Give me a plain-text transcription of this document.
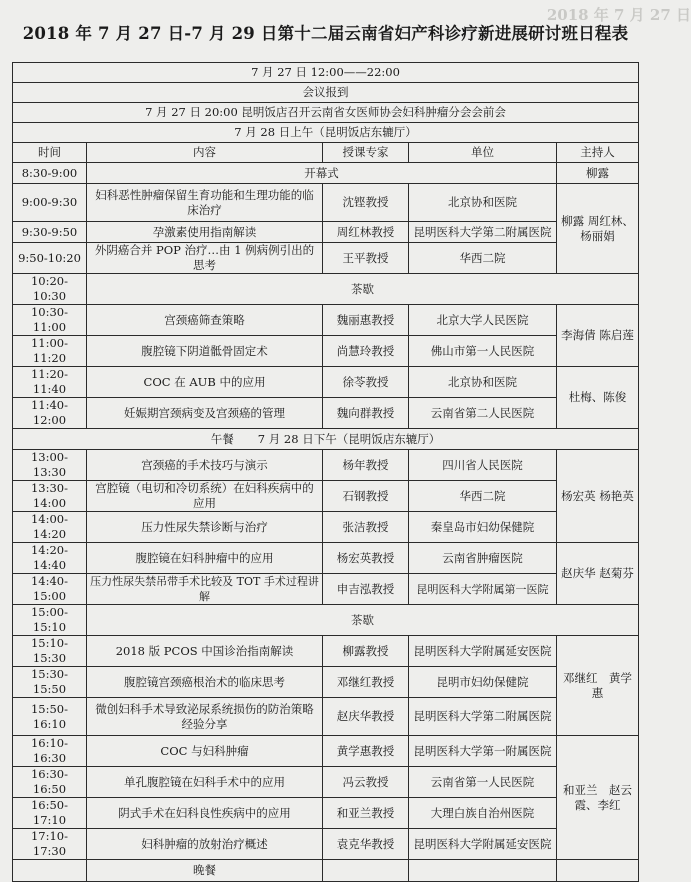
2018 年 7 月 27 日-7 月 29 日第十二届云南省妇产科诊疗新进展研讨班日程表
7 月 27 日 12:00——22:00				
会议报到				
7 月 27 日 20:00 昆明饭店召开云南省女医师协会妇科肿瘤分会会前会				
7 月 28 日上午（昆明饭店东辘厅）				
时间	内容	授课专家	单位	主持人
8:30-9:00	开幕式			柳露
9:00-9:30	妇科恶性肿瘤保留生育功能和生理功能的临床治疗	沈铿教授	北京协和医院	柳露 周红林、杨丽娟
9:30-9:50	孕激素使用指南解读	周红林教授	昆明医科大学第二附属医院	
9:50-10:20	外阴癌合并 POP 治疗…由 1 例病例引出的思考	王平教授	华西二院	
10:20-10:30	茶歇			
10:30-11:00	宫颈癌筛查策略	魏丽惠教授	北京大学人民医院	李海倩 陈启莲
11:00-11:20	腹腔镜下阴道骶骨固定术	尚慧玲教授	佛山市第一人民医院	
11:20-11:40	COC 在 AUB 中的应用	徐苓教授	北京协和医院	杜梅、陈俊
11:40-12:00	妊娠期宫颈病变及宫颈癌的管理	魏向群教授	云南省第二人民医院	
午餐 7 月 28 日下午（昆明饭店东辘厅）				
13:00-13:30	宫颈癌的手术技巧与演示	杨年教授	四川省人民医院	杨宏英 杨艳英
13:30-14:00	宫腔镜（电切和冷切系统）在妇科疾病中的应用	石钢教授	华西二院	
14:00-14:20	压力性尿失禁诊断与治疗	张洁教授	秦皇岛市妇幼保健院	
14:20-14:40	腹腔镜在妇科肿瘤中的应用	杨宏英教授	云南省肿瘤医院	赵庆华 赵菊芬
14:40-15:00	压力性尿失禁吊带手术比较及 TOT 手术过程讲解	申吉泓教授	昆明医科大学附属第一医院	
15:00-15:10	茶歇			
15:10-15:30	2018 版 PCOS 中国诊治指南解读	柳露教授	昆明医科大学附属延安医院	邓继红　黄学惠
15:30-15:50	腹腔镜宫颈癌根治术的临床思考	邓继红教授	昆明市妇幼保健院	
15:50-16:10	微创妇科手术导致泌尿系统损伤的防治策略经验分享	赵庆华教授	昆明医科大学第二附属医院	
16:10-16:30	COC 与妇科肿瘤	黄学惠教授	昆明医科大学第一附属医院	和亚兰　赵云霞、李红
16:30-16:50	单孔腹腔镜在妇科手术中的应用	冯云教授	云南省第一人民医院	
16:50-17:10	阴式手术在妇科良性疾病中的应用	和亚兰教授	大理白族自治州医院	
17:10-17:30	妇科肿瘤的放射治疗概述	袁克华教授	昆明医科大学附属延安医院	
	晚餐			
2018 年 7 月 27 日
